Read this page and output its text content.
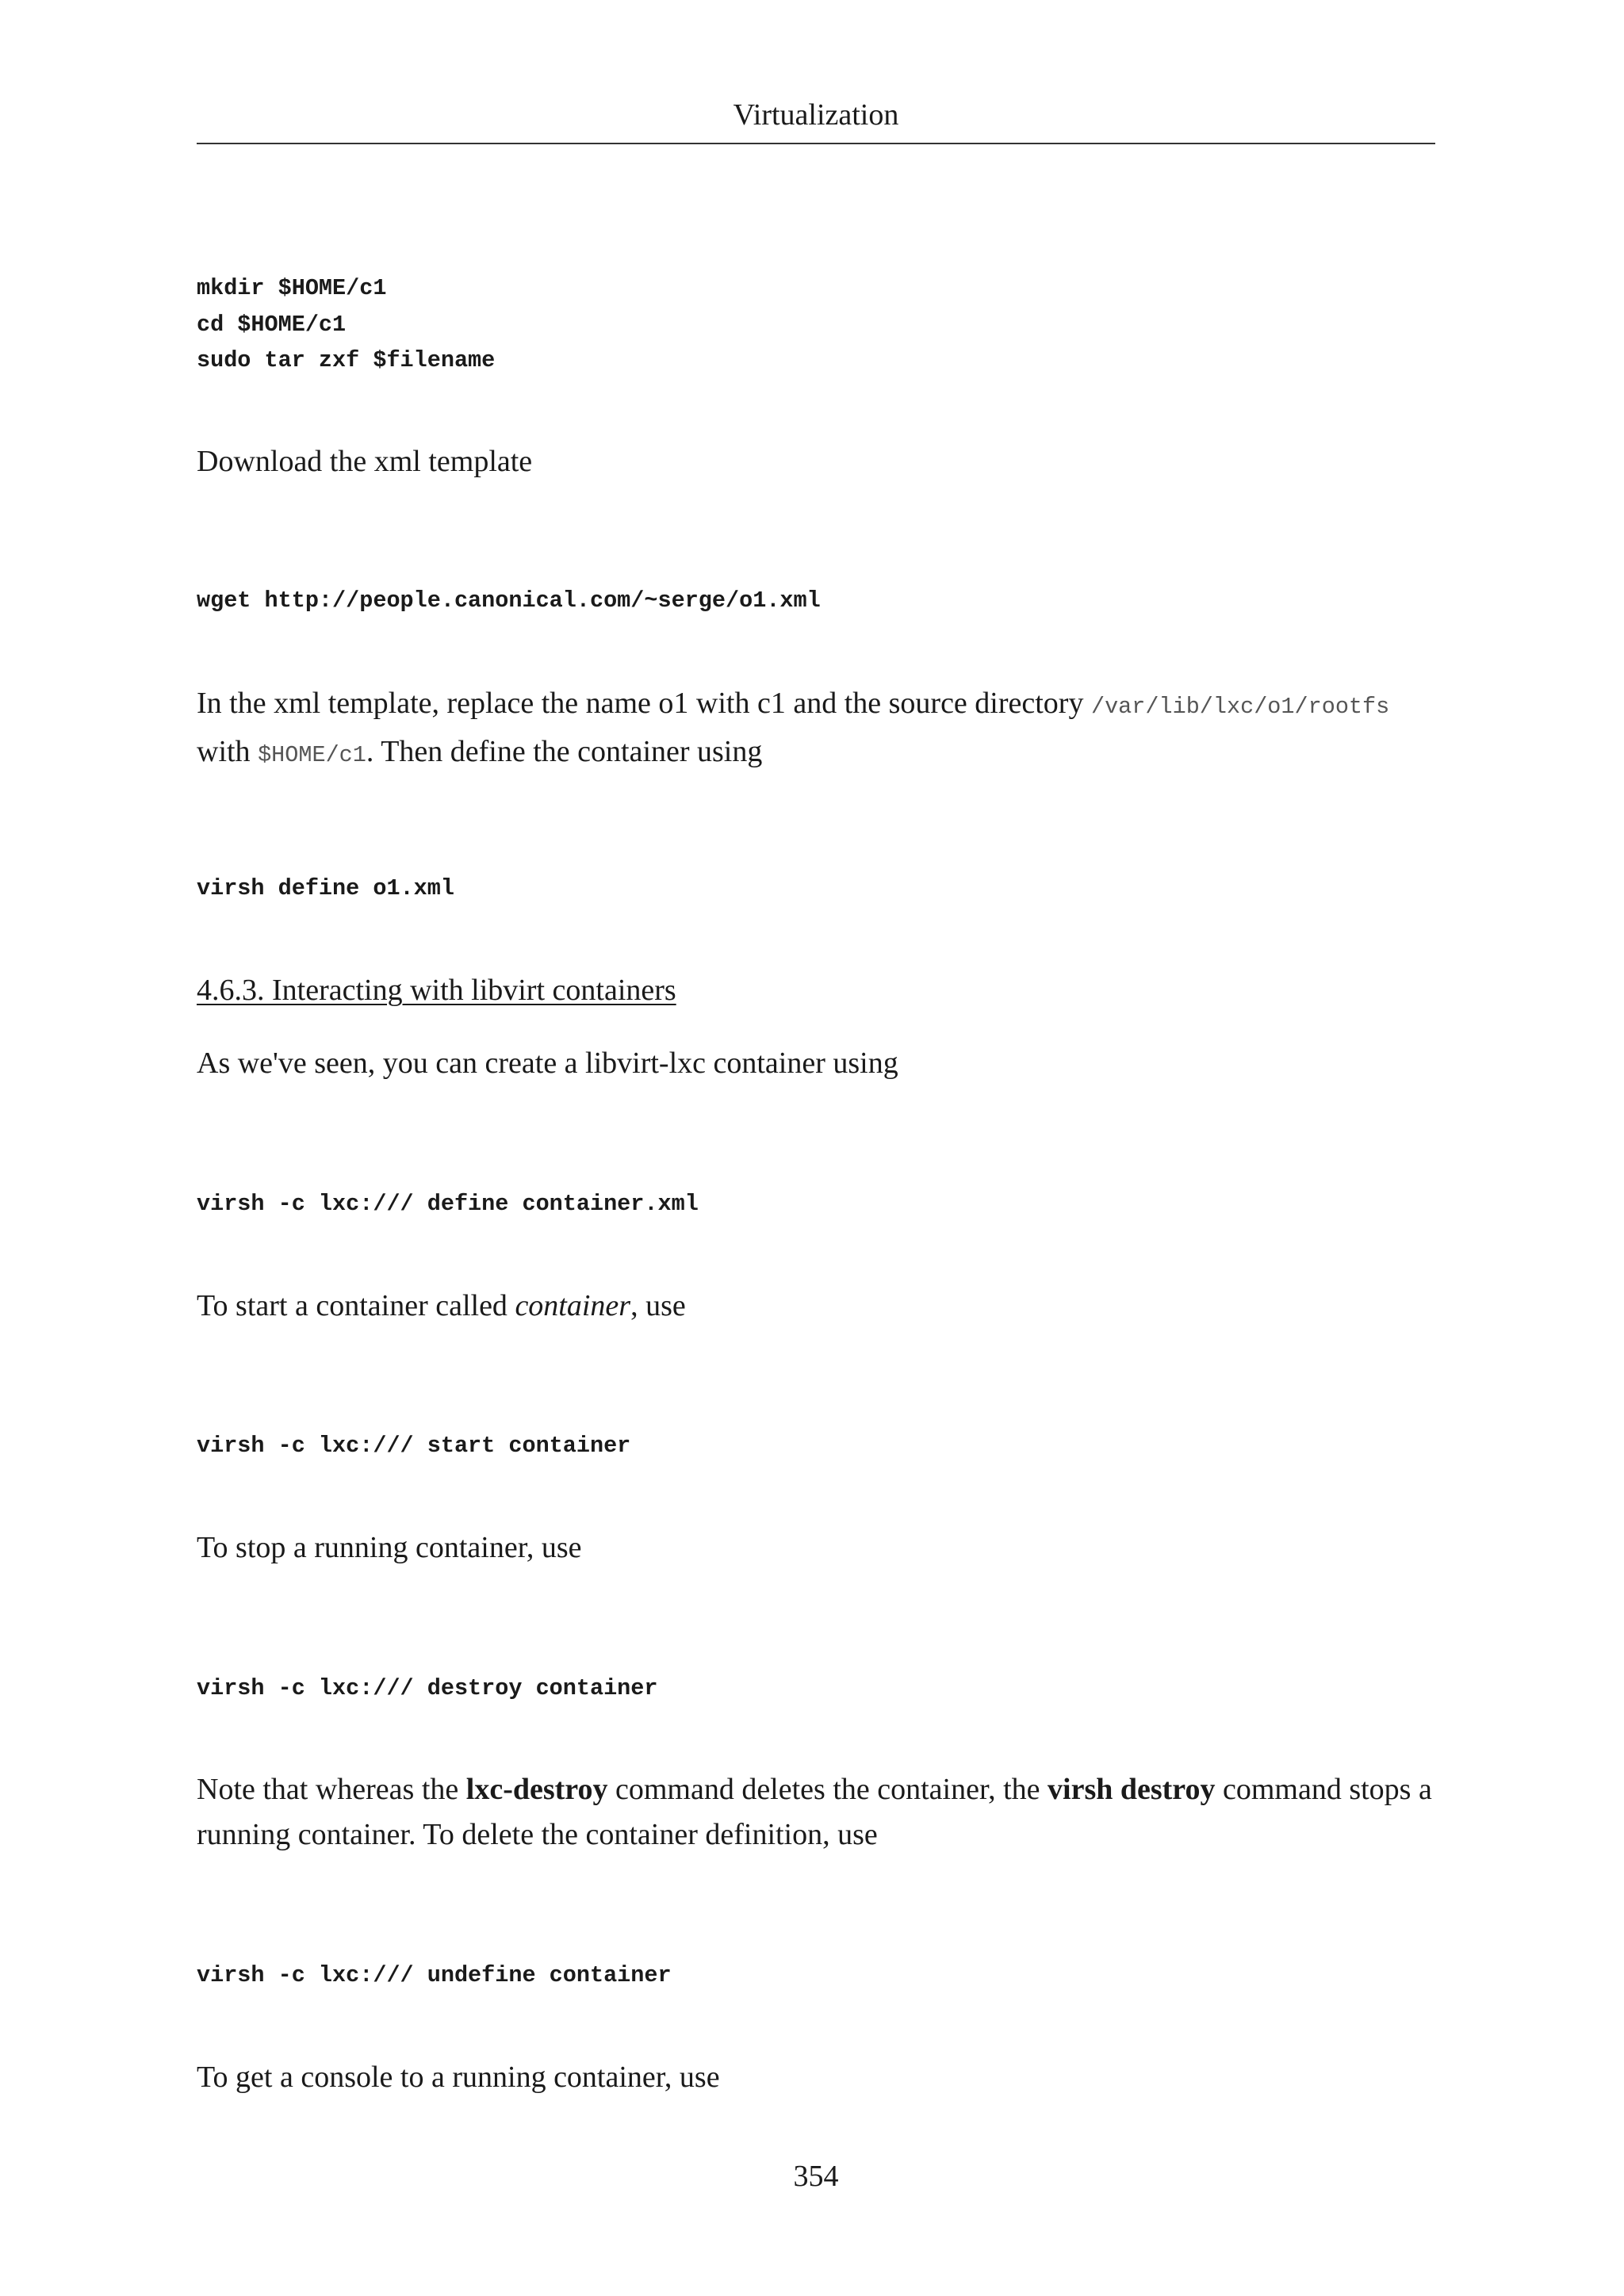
Virtualization
mkdir $HOME/c1
cd $HOME/c1
sudo tar zxf $filename

Download the xml template

wget http://people.canonical.com/~serge/o1.xml

In the xml template, replace the name o1 with c1 and the source directory /var/lib/lxc/o1/rootfs
with $HOME/c1. Then define the container using

virsh define o1.xml
4.6.3. Interacting with libvirt containers

As we've seen, you can create a libvirt-lxc container using

virsh -c lxc:/// define container.xml

To start a container called container, use

virsh -c lxc:/// start container

To stop a running container, use

virsh -c lxc:/// destroy container

Note that whereas the lxc-destroy command deletes the container, the virsh destroy command stops a running container. To delete the container definition, use

virsh -c lxc:/// undefine container

To get a console to a running container, use

354
